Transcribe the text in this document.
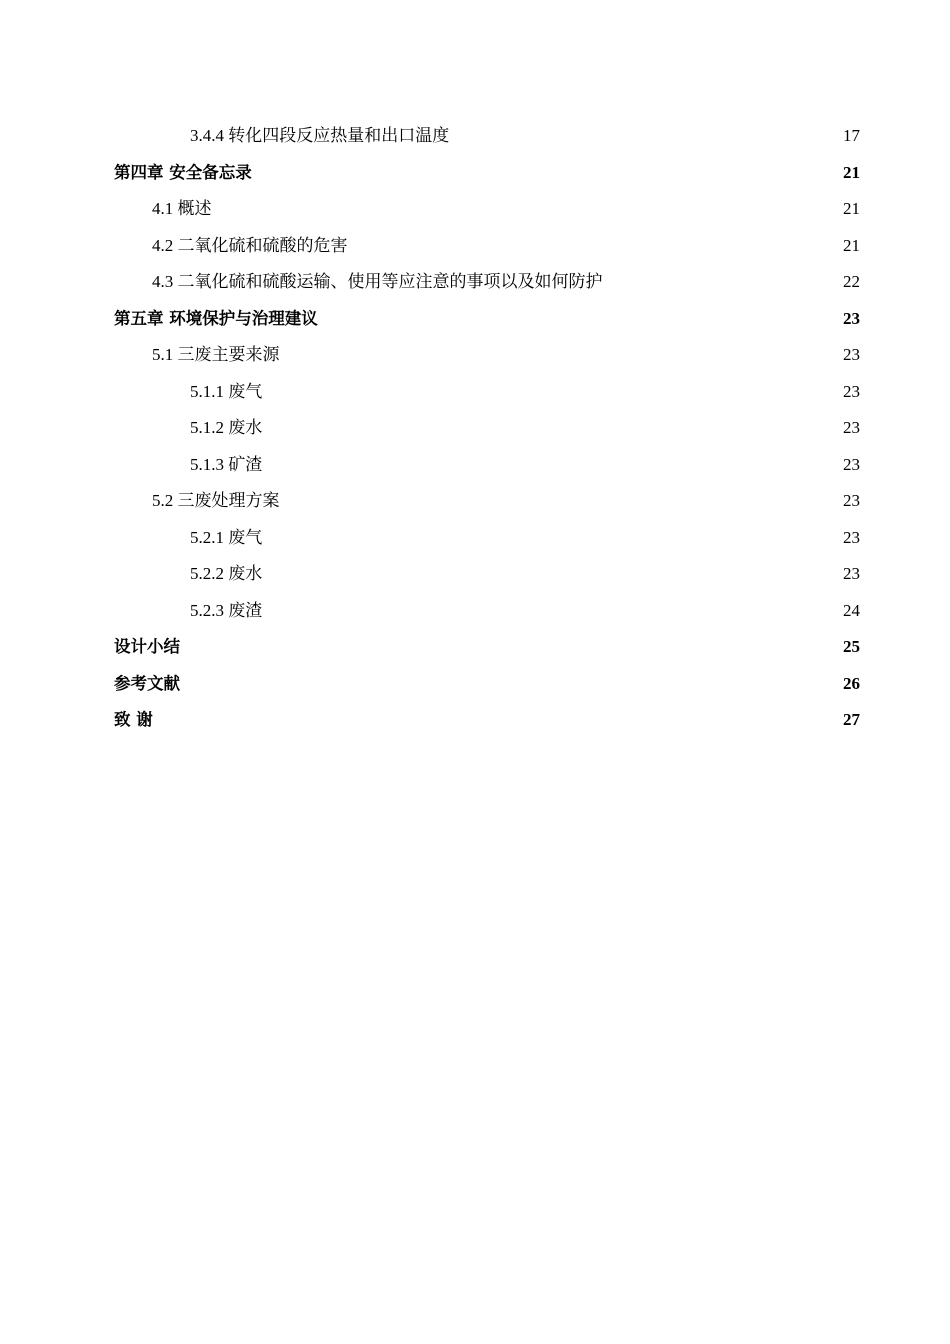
3.4.4 转化四段反应热量和出口温度	17
第四章 安全备忘录	21
4.1 概述	21
4.2 二氧化硫和硫酸的危害	21
4.3 二氧化硫和硫酸运输、使用等应注意的事项以及如何防护	22
第五章 环境保护与治理建议	23
5.1 三废主要来源	23
5.1.1 废气	23
5.1.2 废水	23
5.1.3 矿渣	23
5.2 三废处理方案	23
5.2.1 废气	23
5.2.2 废水	23
5.2.3 废渣	24
设计小结	25
参考文献	26
致 谢	27
